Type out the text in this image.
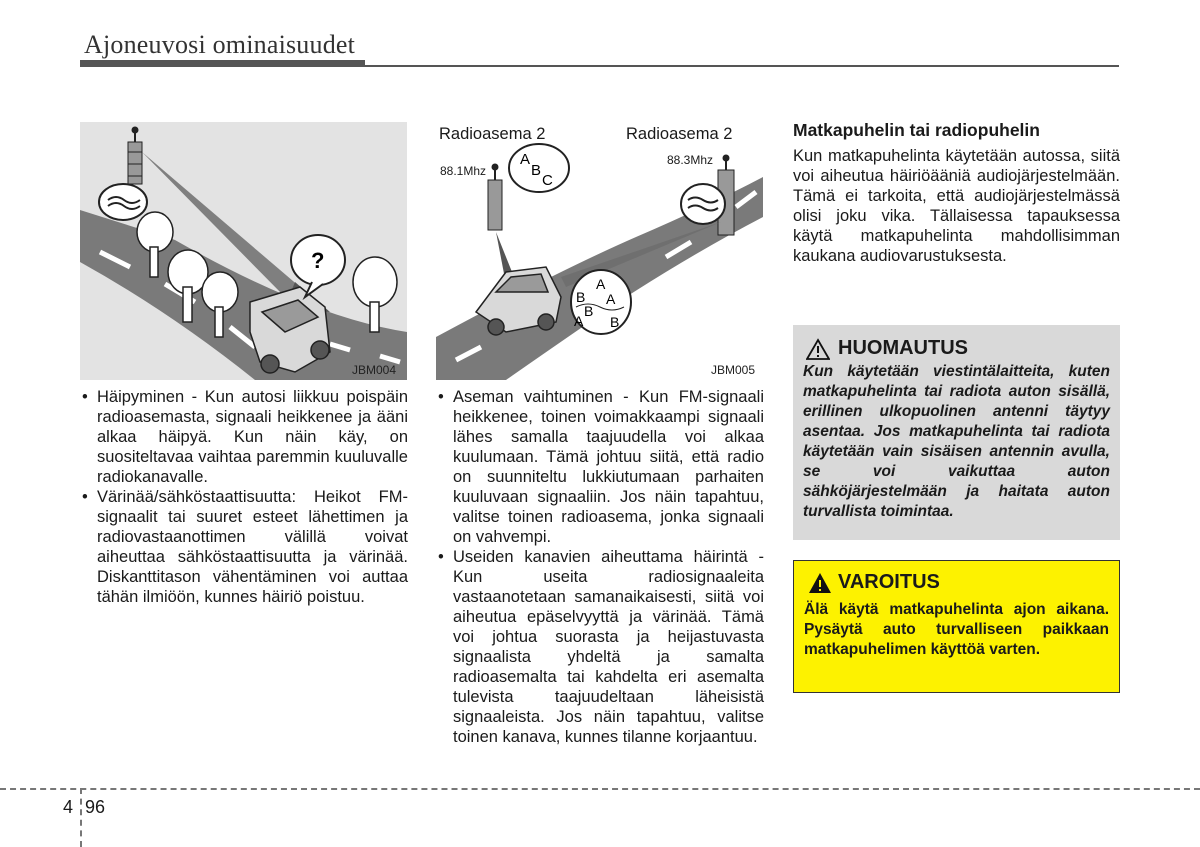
Ajoneuvosi ominaisuudet
?
JBM004
A
B
C
A
B A
B
A B
Radioasema 2	Radioasema 2
88.1Mhz
88.3Mhz
JBM005
• Häipyminen - Kun autosi liikkuu poispäin radioasemasta, signaali heikkenee ja ääni alkaa häipyä. Kun näin käy, on suositeltavaa vaihtaa paremmin kuuluvalle radiokanavalle.
• Värinää/sähköstaattisuutta: Heikot FM-signaalit tai suuret esteet lähettimen ja radiovastaanottimen välillä voivat aiheuttaa sähköstaattisuutta ja värinää. Diskanttitason vähentäminen voi auttaa tähän ilmiöön, kunnes häiriö poistuu.
• Aseman vaihtuminen - Kun FM-signaali heikkenee, toinen voimakkaampi signaali lähes samalla taajuudella voi alkaa kuulumaan. Tämä johtuu siitä, että radio on suunniteltu lukkiutumaan parhaiten kuuluvaan signaaliin. Jos näin tapahtuu, valitse toinen radioasema, jonka signaali on vahvempi.
• Useiden kanavien aiheuttama häirintä - Kun useita radiosignaaleita vastaanotetaan samanaikaisesti, siitä voi aiheutua epäselvyyttä ja värinää. Tämä voi johtua suorasta ja heijastuvasta signaalista yhdeltä ja samalta radioasemalta tai kahdelta eri asemalta tulevista taajuudeltaan läheisistä signaaleista. Jos näin tapahtuu, valitse toinen kanava, kunnes tilanne korjaantuu.
Matkapuhelin tai radiopuhelin
Kun matkapuhelinta käytetään autossa, siitä voi aiheutua häiriöääniä audiojärjestelmään. Tämä ei tarkoita, että audiojärjestelmässä olisi joku vika. Tällaisessa tapauksessa käytä matkapuhelinta mahdollisimman kaukana audiovarustuksesta.
HUOMAUTUS
Kun käytetään viestintälaitteita, kuten matkapuhelinta tai radiota auton sisällä, erillinen ulkopuolinen antenni täytyy asentaa. Jos matkapuhelinta tai radiota käytetään vain sisäisen antennin avulla, se voi vaikuttaa auton sähköjärjestelmään ja haitata auton turvallista toimintaa.
VAROITUS
Älä käytä matkapuhelinta ajon aikana. Pysäytä auto turvalliseen paikkaan matkapuhelimen käyttöä varten.
4 96
